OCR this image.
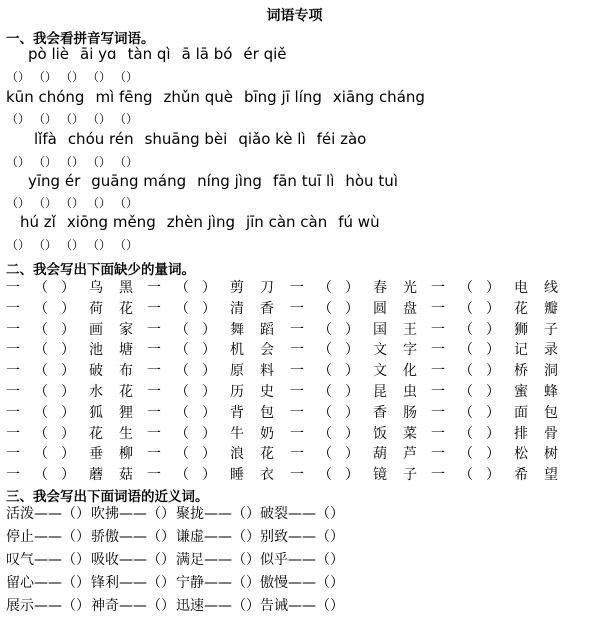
词语专项
一、我会看拼音写词语。
pò liè āi yɑ tàn qì ā lā bó ér qiě
（） （） （） （） （）
kūn chóng mì fēng zhǔn què bīng jī líng xiāng cháng
（） （） （） （） （）
lǐfà chóu rén shuāng bèi qiǎo kè lì féi zào
（） （） （） （） （）
yīng ér guāng máng níng jìng fān tuī lì hòu tuì
（） （） （） （） （）
hú zǐ xiōng měng zhèn jìng jīn càn càn fú wù
（） （） （） （） （）
二、我会写出下面缺少的量词。
一 （ ） 乌 黑 一 （ ） 剪 刀 一 （ ） 春 光 一 （ ） 电 线
一 （ ） 荷 花 一 （ ） 清 香 一 （ ） 圆 盘 一 （ ） 花 瓣
一 （ ） 画 家 一 （ ） 舞 蹈 一 （ ） 国 王 一 （ ） 狮 子
一 （ ） 池 塘 一 （ ） 机 会 一 （ ） 文 字 一 （ ） 记 录
一 （ ） 破 布 一 （ ） 原 料 一 （ ） 文 化 一 （ ） 桥 洞
一 （ ） 水 花 一 （ ） 历 史 一 （ ） 昆 虫 一 （ ） 蜜 蜂
一 （ ） 狐 狸 一 （ ） 背 包 一 （ ） 香 肠 一 （ ） 面 包
一 （ ） 花 生 一 （ ） 牛 奶 一 （ ） 饭 菜 一 （ ） 排 骨
一 （ ） 垂 柳 一 （ ） 浪 花 一 （ ） 葫 芦 一 （ ） 松 树
一 （ ） 蘑 菇 一 （ ） 睡 衣 一 （ ） 镜 子 一 （ ） 希 望
三、我会写出下面词语的近义词。
活泼——（） 吹拂——（） 聚拢——（） 破裂——（）
停止——（） 骄傲——（） 谦虚——（） 别致——（）
叹气——（） 吸收——（） 满足——（） 似乎——（）
留心——（） 锋利——（） 宁静——（） 傲慢——（）
展示——（） 神奇——（） 迅速——（） 告诫——（）
